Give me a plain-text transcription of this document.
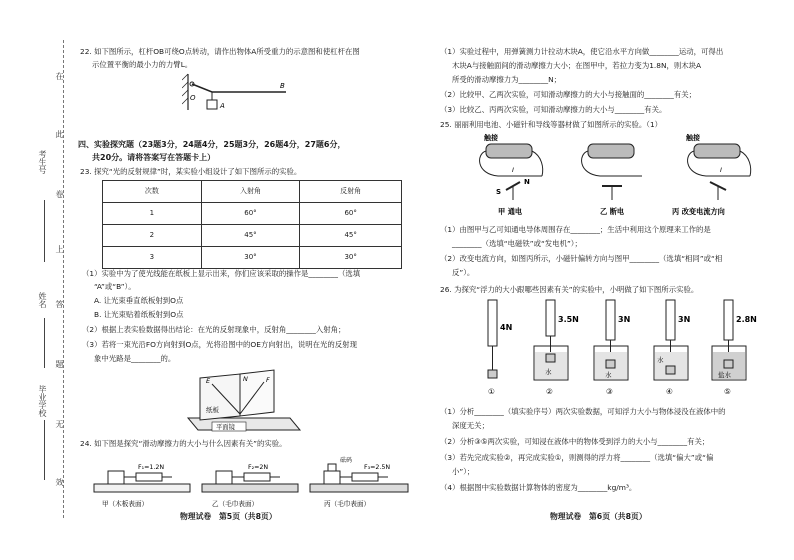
在
此
卷
上
答
题
无
效
考生号
姓名
毕业学校
22. 如下图所示，杠杆OB可绕O点转动，请作出物体A所受重力的示意图和使杠杆在图
示位置平衡的最小力的力臂L。
O
B
A
四、实验探究题（23题3分，24题4分，25题3分，26题4分，27题6分，
共20分。请将答案写在答题卡上）
23. 探究“光的反射规律”时，某实验小组设计了如下图所示的实验。
次数	入射角	反射角
1	60°	60°
2	45°	45°
3	30°	30°
（1）实验中为了使光线能在纸板上显示出来，你们应该采取的操作是________（选填
“A”或“B”）。
A. 让光束垂直纸板射到O点
B. 让光束贴着纸板射到O点
（2）根据上表实验数据得出结论：在光的反射现象中，反射角________入射角；
（3）若将一束光沿FO方向射到O点，光将沿图中的OE方向射出，说明在光的反射现
象中光路是________的。
E	N	F
纸板
平面镜
24. 如下图是探究“滑动摩擦力的大小与什么因素有关”的实验。
F₁=1.2N
甲（木板表面）
F₂=2N
乙（毛巾表面）
砝码
F₃=2.5N
丙（毛巾表面）
物理试卷　第5页（共8页）
（1）实验过程中，用弹簧测力计拉动木块A，使它沿水平方向做________运动，可得出
木块A与接触面间的滑动摩擦力大小；在图甲中，若拉力变为1.8N，则木块A
所受的滑动摩擦力为________N；
（2）比较甲、乙两次实验，可知滑动摩擦力的大小与接触面的________有关；
（3）比较乙、丙两次实验，可知滑动摩擦力的大小与________有关。
25. 丽丽利用电池、小磁针和导线等器材做了如图所示的实验。（1）
触接
I
S
N
甲 通电	乙 断电
触接
I
丙 改变电流方向
（1）由图甲与乙可知通电导体周围存在________；生活中利用这个原理来工作的是
________（选填“电磁铁”或“发电机”）；
（2）改变电流方向，如图丙所示，小磁针偏转方向与图甲________（选填“相同”或“相
反”）。
26. 为探究“浮力的大小跟哪些因素有关”的实验中，小明做了如下图所示实验。
4N
①
水
3.5N
②
水
3N
③
水
3N
④
盐水
2.8N
⑤
（1）分析________（填实验序号）两次实验数据，可知浮力大小与物体浸没在液体中的
深度无关；
（2）分析③⑤两次实验，可知浸在液体中的物体受到浮力的大小与________有关；
（3）若先完成实验②，再完成实验①，则测得的浮力将________（选填“偏大”或“偏
小”）；
（4）根据图中实验数据计算物体的密度为________kg/m³。
物理试卷　第6页（共8页）
